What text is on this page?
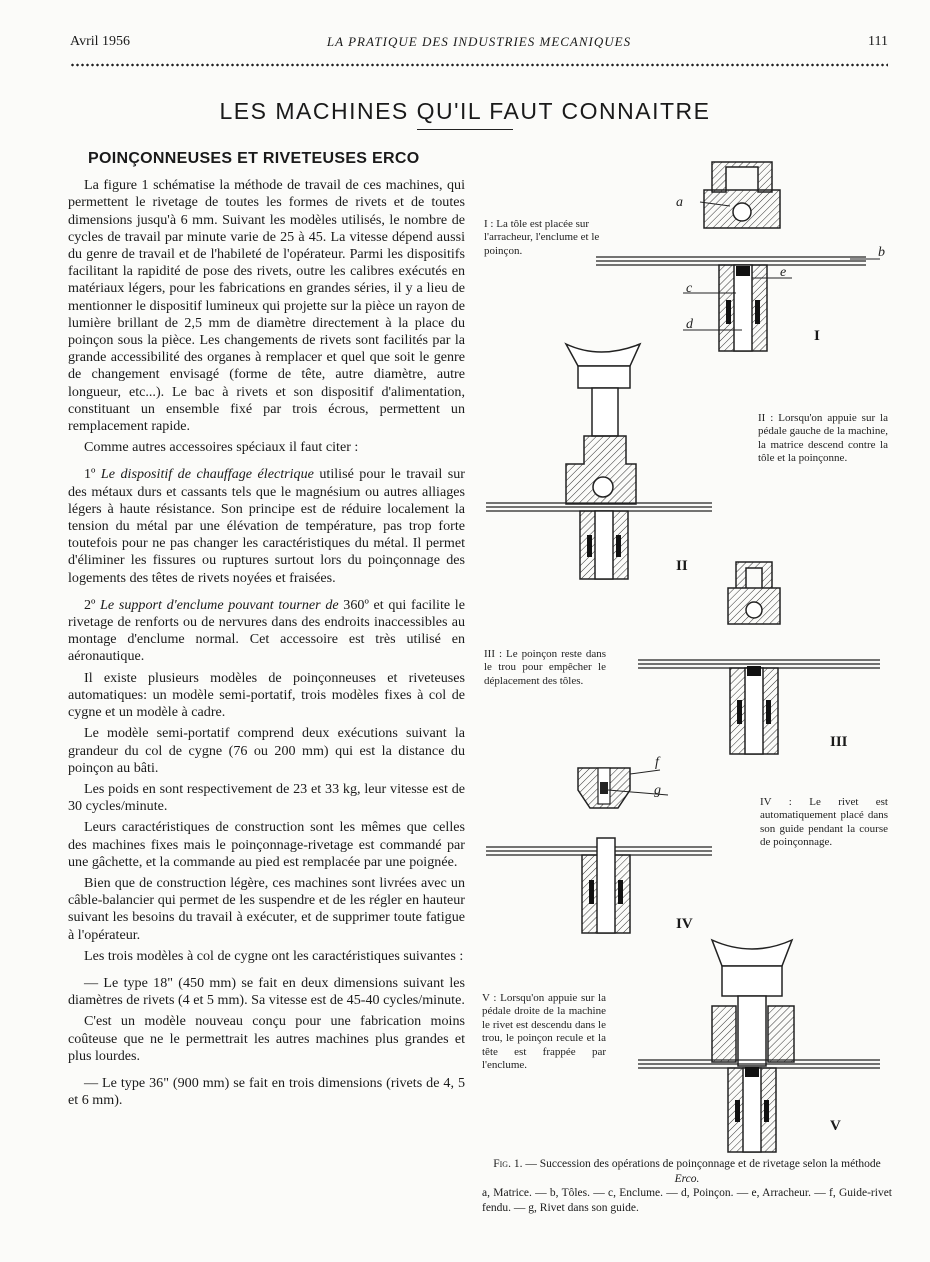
Avril 1956	LA PRATIQUE DES INDUSTRIES MECANIQUES	111
LES MACHINES QU'IL FAUT CONNAITRE
POINÇONNEUSES ET RIVETEUSES ERCO

La figure 1 schématise la méthode de travail de ces machines, qui permettent le rivetage de toutes les formes de rivets et de toutes dimensions jusqu'à 6 mm. Suivant les modèles utilisés, le nombre de cycles de travail par minute varie de 25 à 45. La vitesse dépend aussi du genre de travail et de l'habileté de l'opérateur. Parmi les dispositifs facilitant la rapidité de pose des rivets, outre les calibres exécutés en matériaux légers, pour les fabrications en grandes séries, il y a lieu de mentionner le dispositif lumineux qui projette sur la pièce un rayon de lumière brillant de 2,5 mm de diamètre directement à la place du poinçon sous la pièce. Les changements de rivets sont facilités par la grande accessibilité des organes à remplacer et quel que soit le genre de changement envisagé (forme de tête, autre diamètre, autre longueur, etc...). Le bac à rivets et son dispositif d'alimentation, constituant un ensemble fixé par trois écrous, permettent un remplacement rapide.

Comme autres accessoires spéciaux il faut citer :

1º Le dispositif de chauffage électrique utilisé pour le travail sur des métaux durs et cassants tels que le magnésium ou autres alliages légers à haute résistance. Son principe est de réduire localement la tension du métal par une élévation de température, pas trop forte toutefois pour ne pas changer les caractéristiques du métal. Il permet d'éliminer les fissures ou ruptures surtout lors du poinçonnage des logements des têtes de rivets noyées et fraisées.

2º Le support d'enclume pouvant tourner de 360º et qui facilite le rivetage de renforts ou de nervures dans des endroits inaccessibles au montage d'enclume normal. Cet accessoire est très utilisé en aéronautique.

Il existe plusieurs modèles de poinçonneuses et riveteuses automatiques: un modèle semi-portatif, trois modèles fixes à col de cygne et un modèle à cadre.

Le modèle semi-portatif comprend deux exécutions suivant la grandeur du col de cygne (76 ou 200 mm) qui est la distance du poinçon au bâti.

Les poids en sont respectivement de 23 et 33 kg, leur vitesse est de 30 cycles/minute.

Leurs caractéristiques de construction sont les mêmes que celles des machines fixes mais le poinçonnage-rivetage est commandé par une gâchette, et la commande au pied est remplacée par une poignée.

Bien que de construction légère, ces machines sont livrées avec un câble-balancier qui permet de les suspendre et de les régler en hauteur suivant les besoins du travail à exécuter, et de supprimer toute fatigue à l'opérateur.

Les trois modèles à col de cygne ont les caractéristiques suivantes :

— Le type 18" (450 mm) se fait en deux dimensions suivant les diamètres de rivets (4 et 5 mm). Sa vitesse est de 45-40 cycles/minute.

C'est un modèle nouveau conçu pour une fabrication moins coûteuse que ne le permettrait les autres machines plus grandes et plus lourdes.

— Le type 36" (900 mm) se fait en trois dimensions (rivets de 4, 5 et 6 mm).

a
b
e
c
d
f
g
I
II
III
IV
V
I : La tôle est placée sur l'arracheur, l'enclume et le poinçon.
II : Lorsqu'on appuie sur la pédale gauche de la machine, la matrice descend contre la tôle et la poinçonne.
III : Le poinçon reste dans le trou pour empêcher le déplacement des tôles.
IV : Le rivet est automatiquement placé dans son guide pendant la course de poinçonnage.
V : Lorsqu'on appuie sur la pédale droite de la machine le rivet est descendu dans le trou, le poinçon recule et la tête est frappée par l'enclume.
Fig. 1. — Succession des opérations de poinçonnage et de rivetage selon la méthode Erco.

a, Matrice. — b, Tôles. — c, Enclume. — d, Poinçon. — e, Arracheur. — f, Guide-rivet fendu. — g, Rivet dans son guide.
